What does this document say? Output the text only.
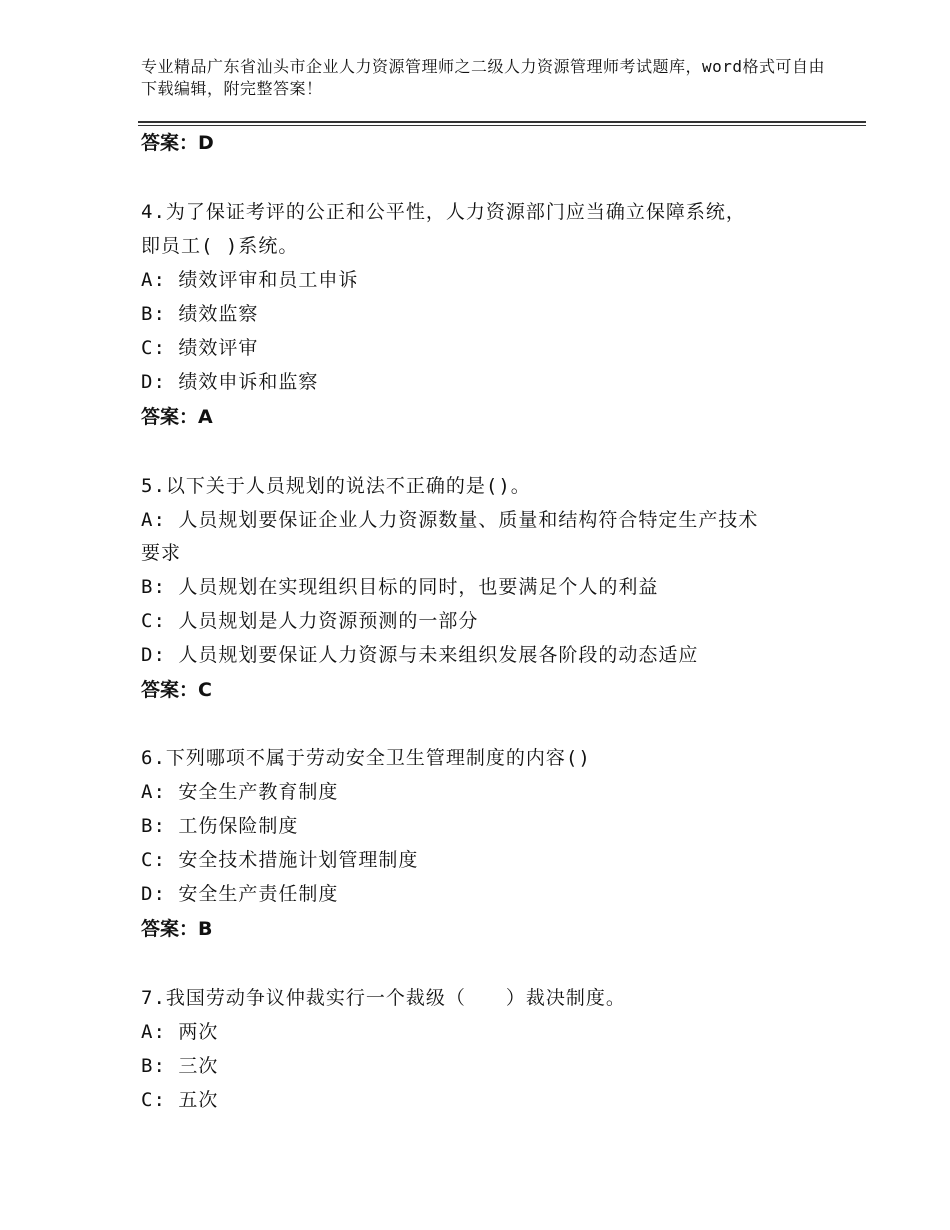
专业精品广东省汕头市企业人力资源管理师之二级人力资源管理师考试题库，word格式可自由下载编辑，附完整答案！
答案：D
4.为了保证考评的公正和公平性，人力资源部门应当确立保障系统，
即员工( )系统。
A: 绩效评审和员工申诉
B: 绩效监察
C: 绩效评审
D: 绩效申诉和监察
答案：A
5.以下关于人员规划的说法不正确的是()。
A: 人员规划要保证企业人力资源数量、质量和结构符合特定生产技术
要求
B: 人员规划在实现组织目标的同时，也要满足个人的利益
C: 人员规划是人力资源预测的一部分
D: 人员规划要保证人力资源与未来组织发展各阶段的动态适应
答案：C
6.下列哪项不属于劳动安全卫生管理制度的内容()
A: 安全生产教育制度
B: 工伤保险制度
C: 安全技术措施计划管理制度
D: 安全生产责任制度
答案：B
7.我国劳动争议仲裁实行一个裁级（　　）裁决制度。
A: 两次
B: 三次
C: 五次
